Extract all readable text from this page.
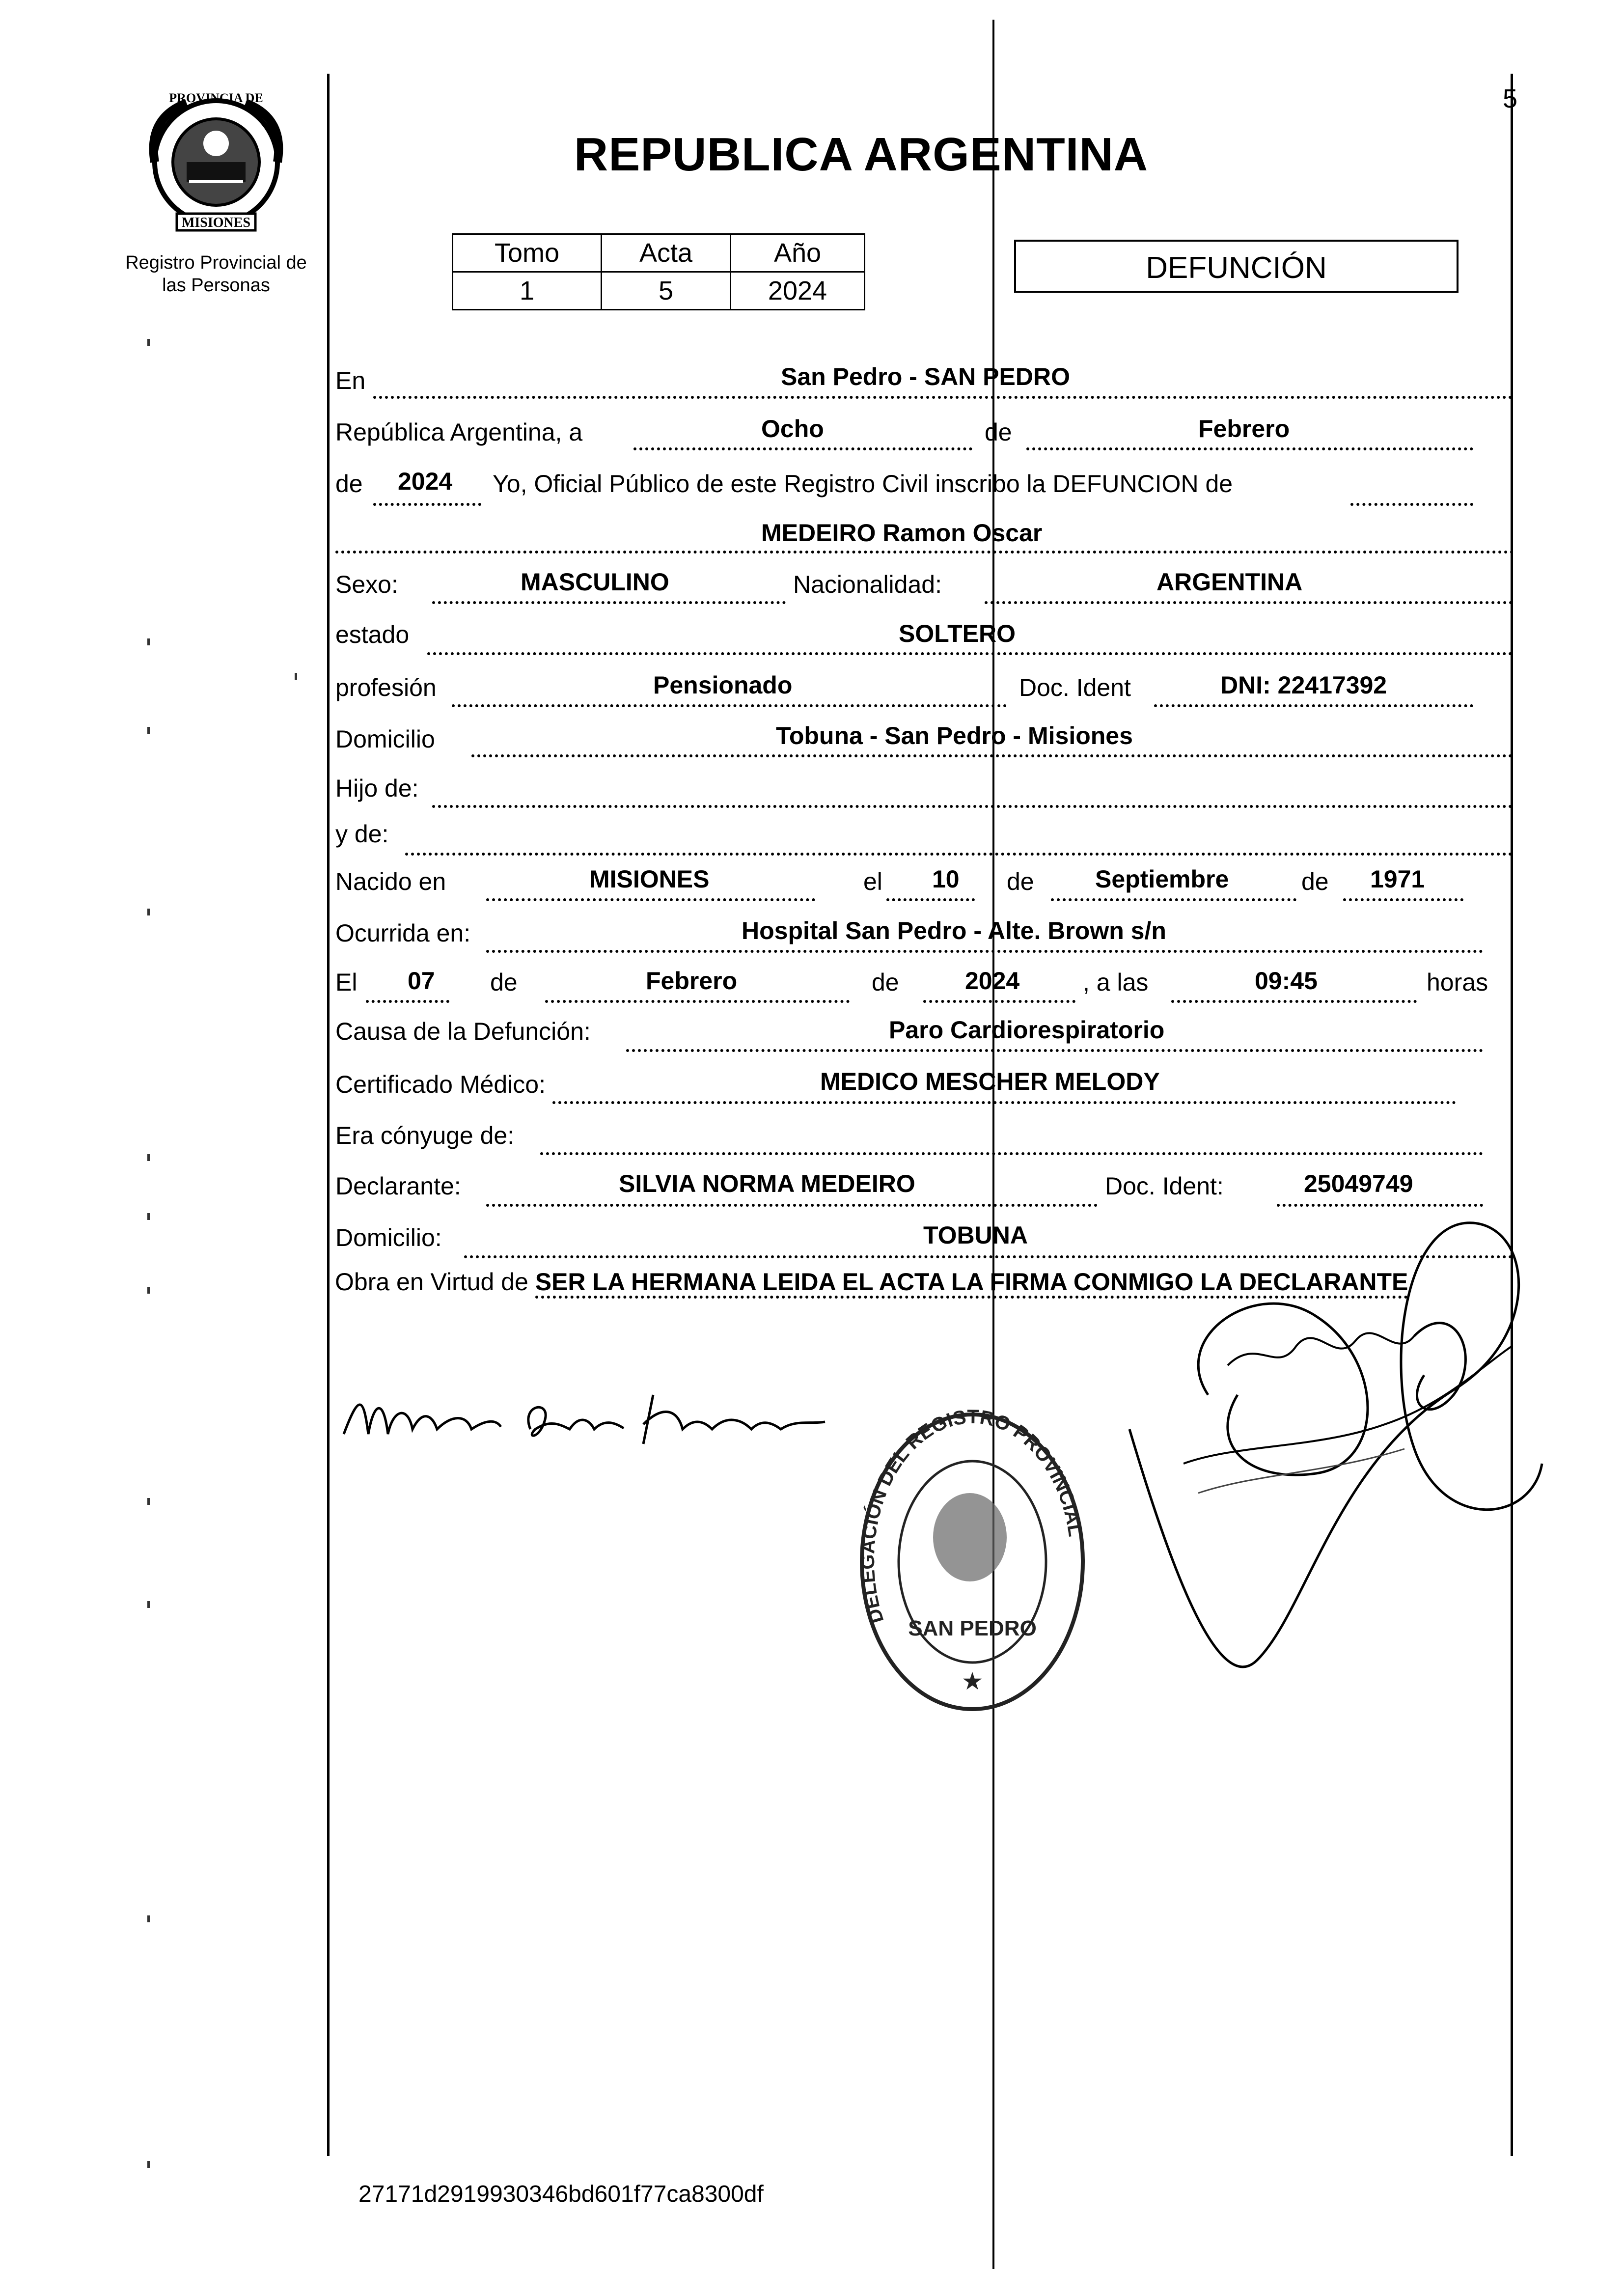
5
PROVINCIA DE
MISIONES
Registro Provincial de
las Personas
REPUBLICA ARGENTINA
Tomo	Acta	Año
1	5	2024
DEFUNCIÓN
En	San Pedro - SAN PEDRO
República Argentina, a	Ocho	de	Febrero
de 2024 Yo, Oficial Público de este Registro Civil inscribo la DEFUNCION de
MEDEIRO Ramon Oscar
Sexo:	MASCULINO	Nacionalidad:	ARGENTINA
estado	SOLTERO
profesión	Pensionado	Doc. Ident	DNI: 22417392
Domicilio	Tobuna - San Pedro - Misiones
Hijo de:
y de:
Nacido en	MISIONES	el 10 de Septiembre	de 1971
Ocurrida en:	Hospital San Pedro - Alte. Brown s/n
El 07 de	Febrero	de	2024	, a las	09:45	horas
Causa de la Defunción:	Paro Cardiorespiratorio
Certificado Médico:	MEDICO MESCHER MELODY
Era cónyuge de:
Declarante:	SILVIA NORMA MEDEIRO	Doc. Ident:	25049749
Domicilio:	TOBUNA
Obra en Virtud de SER LA HERMANA LEIDA EL ACTA LA FIRMA CONMIGO LA DECLARANTE
DELEGACIÓN DEL REGISTRO PROVINCIAL
SAN PEDRO
★
27171d2919930346bd601f77ca8300df
